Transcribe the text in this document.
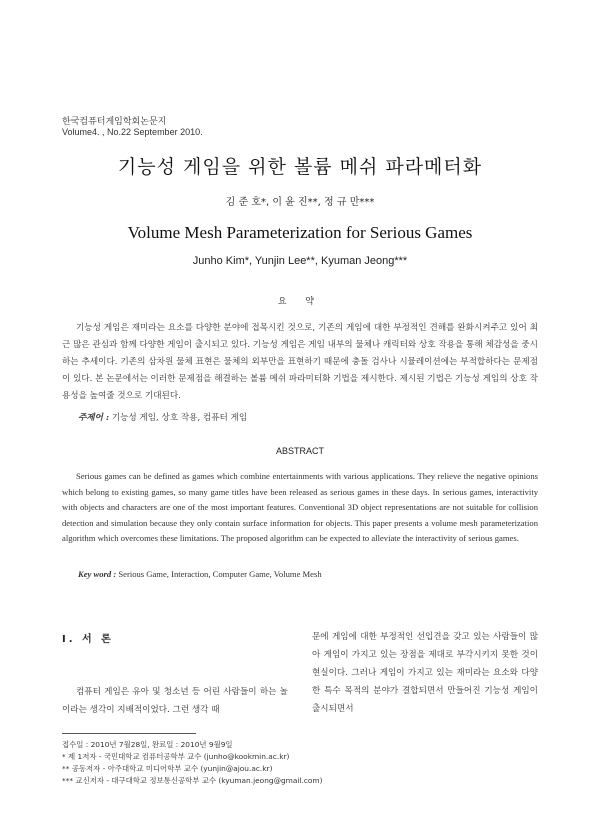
한국컴퓨터게임학회논문지
Volume4. , No.22 September 2010.
기능성 게임을 위한 볼륨 메쉬 파라메터화
김 준 호*, 이 윤 진**, 정 규 만***
Volume Mesh Parameterization for Serious Games
Junho Kim*, Yunjin Lee**, Kyuman Jeong***
요 약

기능성 게임은 재미라는 요소를 다양한 분야에 접목시킨 것으로, 기존의 게임에 대한 부정적인 견해를 완화시켜주고 있어 최근 많은 관심과 함께 다양한 게임이 출시되고 있다. 기능성 게임은 게임 내부의 물체나 캐릭터와 상호 작용을 통해 체감성을 중시하는 추세이다. 기존의 삼차원 물체 표현은 물체의 외부만을 표현하기 때문에 충돌 검사나 시뮬레이션에는 부적합하다는 문제점이 있다. 본 논문에서는 이러한 문제점을 해결하는 볼륨 메쉬 파라미터화 기법을 제시한다. 제시된 기법은 기능성 게임의 상호 작용성을 높여줄 것으로 기대된다.

주제어 : 기능성 게임, 상호 작용, 컴퓨터 게임
ABSTRACT

Serious games can be defined as games which combine entertainments with various applications. They relieve the negative opinions which belong to existing games, so many game titles have been released as serious games in these days. In serious games, interactivity with objects and characters are one of the most important features. Conventional 3D object representations are not suitable for collision detection and simulation because they only contain surface information for objects. This paper presents a volume mesh parameterization algorithm which overcomes these limitations. The proposed algorithm can be expected to alleviate the interactivity of serious games.

Key word : Serious Game, Interaction, Computer Game, Volume Mesh
Ⅰ. 서 론

컴퓨터 게임은 유아 및 청소년 등 어린 사람들이 하는 놀이라는 생각이 지배적이었다. 그런 생각 때

문에 게임에 대한 부정적인 선입견을 갖고 있는 사람들이 많아 게임이 가지고 있는 장점을 제대로 부각시키지 못한 것이 현실이다. 그러나 게임이 가지고 있는 재미라는 요소와 다양한 특수 목적의 분야가 결합되면서 만들어진 기능성 게임이 출시되면서

접수일 : 2010년 7월28일, 완료일 : 2010년 9월9일
* 제 1저자 - 국민대학교 컴퓨터공학부 교수 (junho@kookmin.ac.kr)
** 공동저자 - 아주대학교 미디어학부 교수 (yunjin@ajou.ac.kr)
*** 교신저자 - 대구대학교 정보통신공학부 교수 (kyuman.jeong@gmail.com)
